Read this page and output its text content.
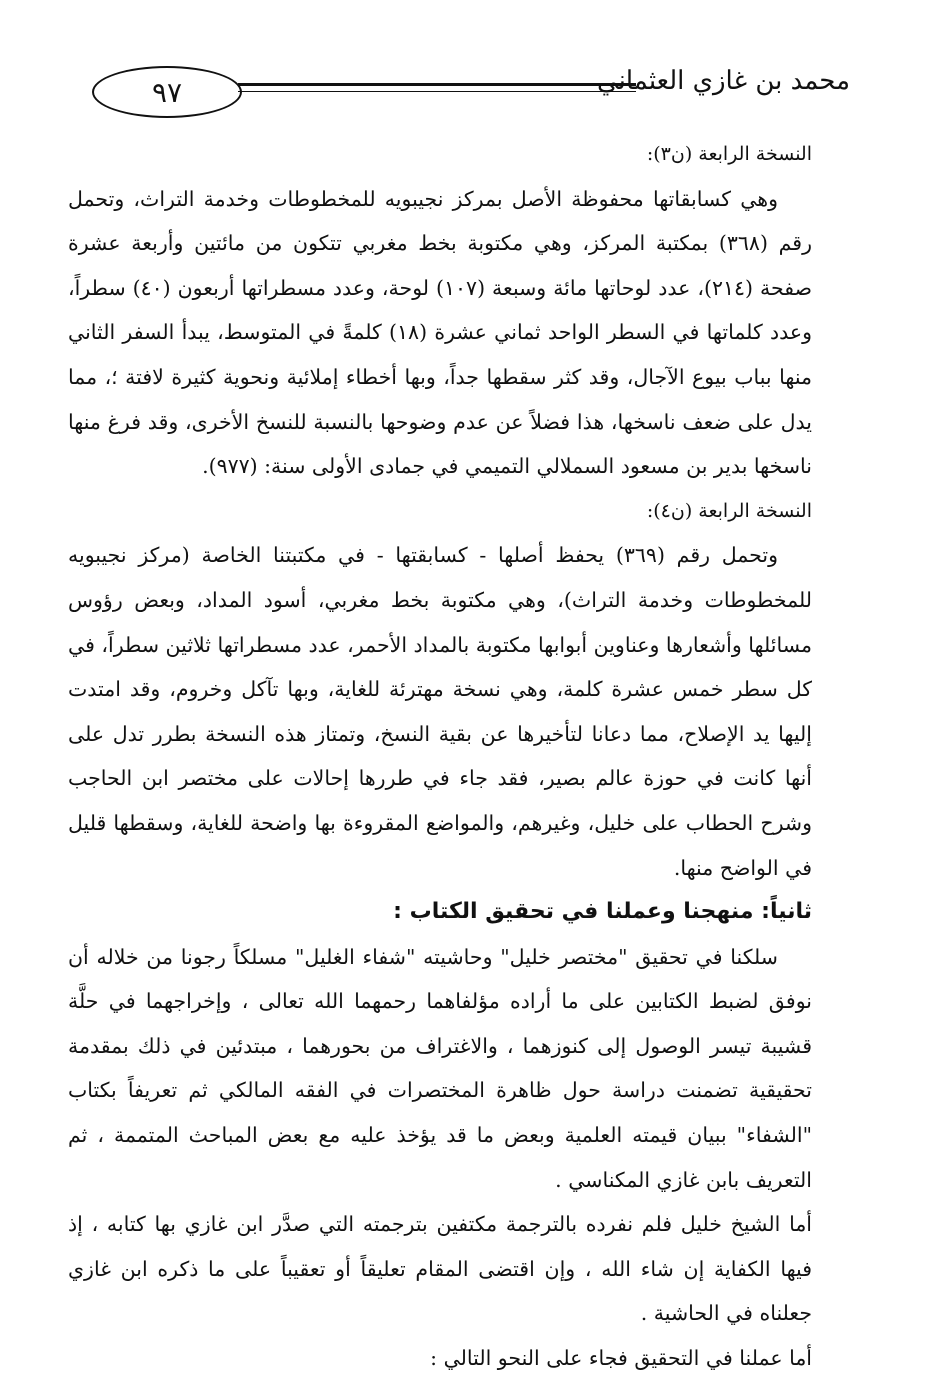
٩٧	محمد بن غازي العثماني

النسخة الرابعة (ن٣):

وهي كسابقاتها محفوظة الأصل بمركز نجيبويه للمخطوطات وخدمة التراث، وتحمل رقم (٣٦٨) بمكتبة المركز، وهي مكتوبة بخط مغربي تتكون من مائتين وأربعة عشرة صفحة (٢١٤)، عدد لوحاتها مائة وسبعة (١٠٧) لوحة، وعدد مسطراتها أربعون (٤٠) سطراً، وعدد كلماتها في السطر الواحد ثماني عشرة (١٨) كلمةً في المتوسط، يبدأ السفر الثاني منها بباب بيوع الآجال، وقد كثر سقطها جداً، وبها أخطاء إملائية ونحوية كثيرة لافتة ؛، مما يدل على ضعف ناسخها، هذا فضلاً عن عدم وضوحها بالنسبة للنسخ الأخرى، وقد فرغ منها ناسخها بدير بن مسعود السملالي التميمي في جمادى الأولى سنة: (٩٧٧).

النسخة الرابعة (ن٤):

وتحمل رقم (٣٦٩) يحفظ أصلها - كسابقتها - في مكتبتنا الخاصة (مركز نجيبويه للمخطوطات وخدمة التراث)، وهي مكتوبة بخط مغربي، أسود المداد، وبعض رؤوس مسائلها وأشعارها وعناوين أبوابها مكتوبة بالمداد الأحمر، عدد مسطراتها ثلاثين سطراً، في كل سطر خمس عشرة كلمة، وهي نسخة مهترئة للغاية، وبها تآكل وخروم، وقد امتدت إليها يد الإصلاح، مما دعانا لتأخيرها عن بقية النسخ، وتمتاز هذه النسخة بطرر تدل على أنها كانت في حوزة عالم بصير، فقد جاء في طررها إحالات على مختصر ابن الحاجب وشرح الحطاب على خليل، وغيرهم، والمواضع المقروءة بها واضحة للغاية، وسقطها قليل في الواضح منها.

ثانياً: منهجنا وعملنا في تحقيق الكتاب :

سلكنا في تحقيق "مختصر خليل" وحاشيته "شفاء الغليل" مسلكاً رجونا من خلاله أن نوفق لضبط الكتابين على ما أراده مؤلفاهما رحمهما الله تعالى ، وإخراجهما في حلَّة قشيبة تيسر الوصول إلى كنوزهما ، والاغتراف من بحورهما ، مبتدئين في ذلك بمقدمة تحقيقية تضمنت دراسة حول ظاهرة المختصرات في الفقه المالكي ثم تعريفاً بكتاب "الشفاء" ببيان قيمته العلمية وبعض ما قد يؤخذ عليه مع بعض المباحث المتممة ، ثم التعريف بابن غازي المكناسي .

أما الشيخ خليل فلم نفرده بالترجمة مكتفين بترجمته التي صدَّر ابن غازي بها كتابه ، إذ فيها الكفاية إن شاء الله ، وإن اقتضى المقام تعليقاً أو تعقيباً على ما ذكره ابن غازي جعلناه في الحاشية .

أما عملنا في التحقيق فجاء على النحو التالي :
